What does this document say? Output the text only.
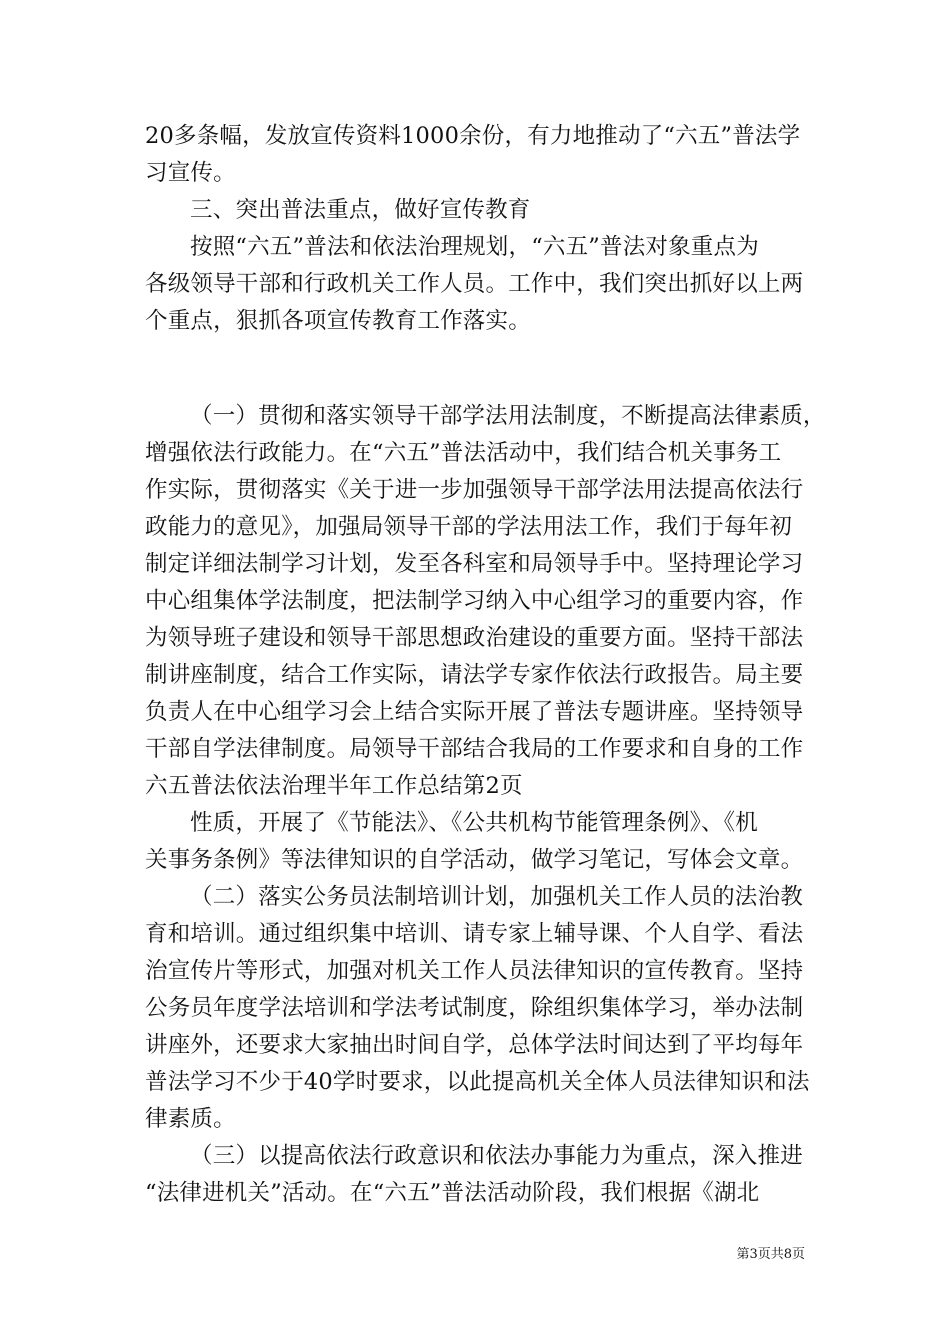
20多条幅，发放宣传资料1000余份，有力地推动了“六五”普法学
习宣传。
三、突出普法重点，做好宣传教育
按照“六五”普法和依法治理规划，“六五”普法对象重点为
各级领导干部和行政机关工作人员。工作中，我们突出抓好以上两
个重点，狠抓各项宣传教育工作落实。
（一）贯彻和落实领导干部学法用法制度，不断提高法律素质，
增强依法行政能力。在“六五”普法活动中，我们结合机关事务工
作实际，贯彻落实《关于进一步加强领导干部学法用法提高依法行
政能力的意见》，加强局领导干部的学法用法工作，我们于每年初
制定详细法制学习计划，发至各科室和局领导手中。坚持理论学习
中心组集体学法制度，把法制学习纳入中心组学习的重要内容，作
为领导班子建设和领导干部思想政治建设的重要方面。坚持干部法
制讲座制度，结合工作实际，请法学专家作依法行政报告。局主要
负责人在中心组学习会上结合实际开展了普法专题讲座。坚持领导
干部自学法律制度。局领导干部结合我局的工作要求和自身的工作
六五普法依法治理半年工作总结第2页
性质，开展了《节能法》、《公共机构节能管理条例》、《机
关事务条例》等法律知识的自学活动，做学习笔记，写体会文章。
（二）落实公务员法制培训计划，加强机关工作人员的法治教
育和培训。通过组织集中培训、请专家上辅导课、个人自学、看法
治宣传片等形式，加强对机关工作人员法律知识的宣传教育。坚持
公务员年度学法培训和学法考试制度，除组织集体学习，举办法制
讲座外，还要求大家抽出时间自学，总体学法时间达到了平均每年
普法学习不少于40学时要求，以此提高机关全体人员法律知识和法
律素质。
（三）以提高依法行政意识和依法办事能力为重点，深入推进
“法律进机关”活动。在“六五”普法活动阶段，我们根据《湖北
第3页共8页
